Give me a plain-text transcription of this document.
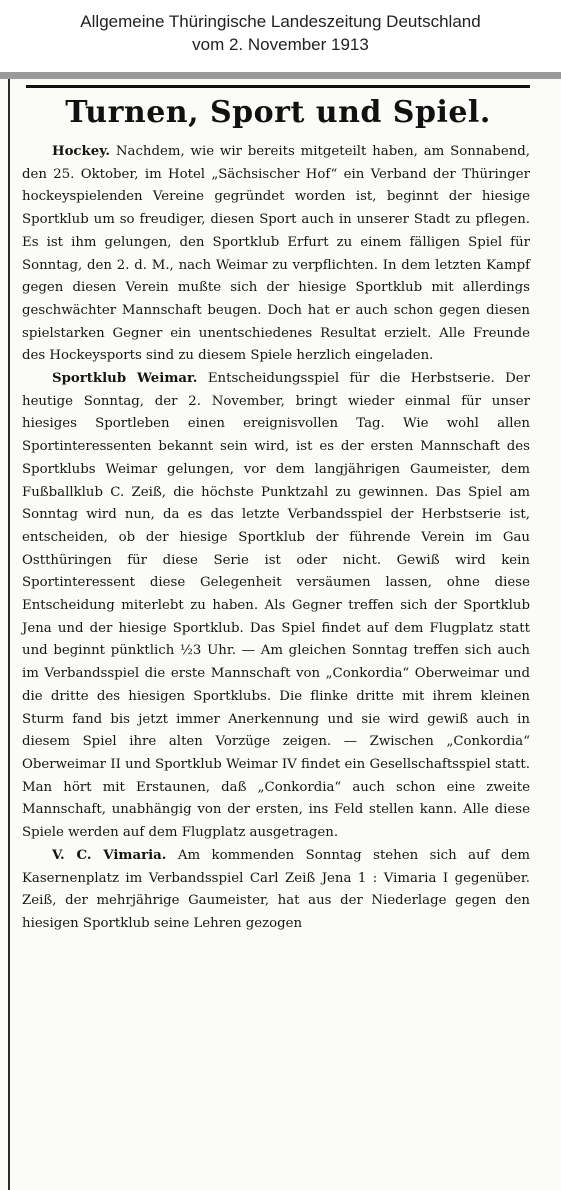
Allgemeine Thüringische Landeszeitung Deutschland
vom 2. November 1913
Turnen, Sport und Spiel.

Hockey. Nachdem, wie wir bereits mitgeteilt haben, am Sonnabend, den 25. Oktober, im Hotel „Sächsischer Hof“ ein Verband der Thüringer hockeyspielenden Vereine gegründet worden ist, beginnt der hiesige Sportklub um so freudiger, diesen Sport auch in unserer Stadt zu pflegen. Es ist ihm gelungen, den Sportklub Erfurt zu einem fälligen Spiel für Sonntag, den 2. d. M., nach Weimar zu verpflichten. In dem letzten Kampf gegen diesen Verein mußte sich der hiesige Sportklub mit allerdings geschwächter Mannschaft beugen. Doch hat er auch schon gegen diesen spielstarken Gegner ein unentschiedenes Resultat erzielt. Alle Freunde des Hockeysports sind zu diesem Spiele herzlich eingeladen.

Sportklub Weimar. Entscheidungsspiel für die Herbstserie. Der heutige Sonntag, der 2. November, bringt wieder einmal für unser hiesiges Sportleben einen ereignisvollen Tag. Wie wohl allen Sportinteressenten bekannt sein wird, ist es der ersten Mannschaft des Sportklubs Weimar gelungen, vor dem langjährigen Gaumeister, dem Fußballklub C. Zeiß, die höchste Punktzahl zu gewinnen. Das Spiel am Sonntag wird nun, da es das letzte Verbandsspiel der Herbstserie ist, entscheiden, ob der hiesige Sportklub der führende Verein im Gau Ostthüringen für diese Serie ist oder nicht. Gewiß wird kein Sportinteressent diese Gelegenheit versäumen lassen, ohne diese Entscheidung miterlebt zu haben. Als Gegner treffen sich der Sportklub Jena und der hiesige Sportklub. Das Spiel findet auf dem Flugplatz statt und beginnt pünktlich ½3 Uhr. — Am gleichen Sonntag treffen sich auch im Verbandsspiel die erste Mannschaft von „Conkordia“ Oberweimar und die dritte des hiesigen Sportklubs. Die flinke dritte mit ihrem kleinen Sturm fand bis jetzt immer Anerkennung und sie wird gewiß auch in diesem Spiel ihre alten Vorzüge zeigen. — Zwischen „Conkordia“ Oberweimar II und Sportklub Weimar IV findet ein Gesellschaftsspiel statt. Man hört mit Erstaunen, daß „Conkordia“ auch schon eine zweite Mannschaft, unabhängig von der ersten, ins Feld stellen kann. Alle diese Spiele werden auf dem Flugplatz ausgetragen.

V. C. Vimaria. Am kommenden Sonntag stehen sich auf dem Kasernenplatz im Verbandsspiel Carl Zeiß Jena 1 : Vimaria I gegenüber. Zeiß, der mehrjährige Gaumeister, hat aus der Niederlage gegen den hiesigen Sportklub seine Lehren gezogen
